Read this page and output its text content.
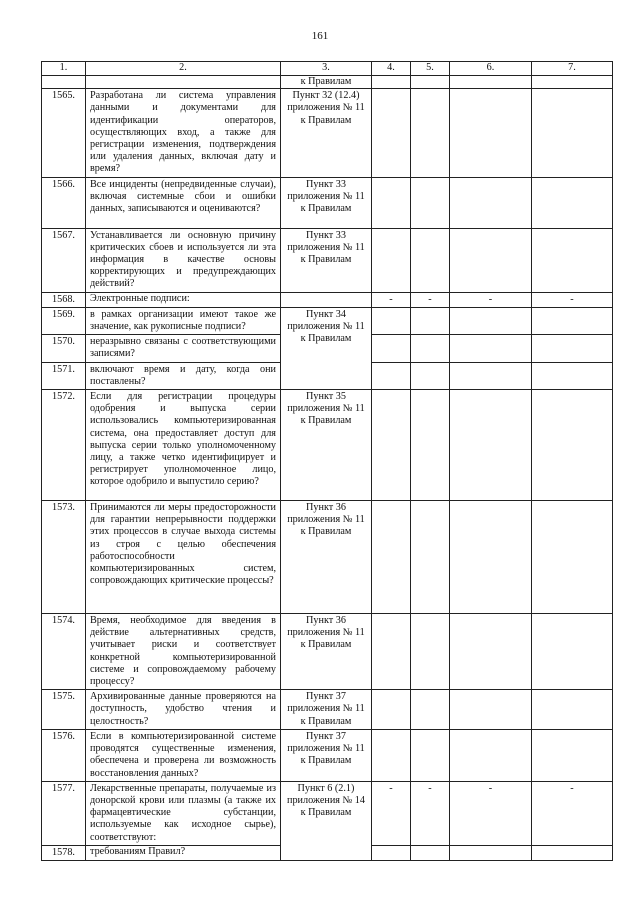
161
1.	2.	3.	4.	5.	6.	7.
		к Правилам				
1565.	Разработана ли система управления данными и документами для идентификации операторов, осуществляющих вход, а также для регистрации изменения, подтверждения или удаления данных, включая дату и время?	Пункт 32 (12.4) приложения № 11 к Правилам				
1566.	Все инциденты (непредвиденные случаи), включая системные сбои и ошибки данных, записываются и оцениваются?	Пункт 33 приложения № 11 к Правилам				
1567.	Устанавливается ли основную причину критических сбоев и используется ли эта информация в качестве основы корректирующих и предупреждающих действий?	Пункт 33 приложения № 11 к Правилам				
1568.	Электронные подписи:		-	-	-	-
1569.	в рамках организации имеют такое же значение, как рукописные подписи?	Пункт 34 приложения № 11 к Правилам				
1570.	неразрывно связаны с соответствующими записями?					
1571.	включают время и дату, когда они поставлены?					
1572.	Если для регистрации процедуры одобрения и выпуска серии использовались компьютеризированная система, она предоставляет доступ для выпуска серии только уполномоченному лицу, а также четко идентифицирует и регистрирует уполномоченное лицо, которое одобрило и выпустило серию?	Пункт 35 приложения № 11 к Правилам				
1573.	Принимаются ли меры предосторожности для гарантии непрерывности поддержки этих процессов в случае выхода системы из строя с целью обеспечения работоспособности компьютеризированных систем, сопровождающих критические процессы?	Пункт 36 приложения № 11 к Правилам				
1574.	Время, необходимое для введения в действие альтернативных средств, учитывает риски и соответствует конкретной компьютеризированной системе и сопровождаемому рабочему процессу?	Пункт 36 приложения № 11 к Правилам				
1575.	Архивированные данные проверяются на доступность, удобство чтения и целостность?	Пункт 37 приложения № 11 к Правилам				
1576.	Если в компьютеризированной системе проводятся существенные изменения, обеспечена и проверена ли возможность восстановления данных?	Пункт 37 приложения № 11 к Правилам				
1577.	Лекарственные препараты, получаемые из донорской крови или плазмы (а также их фармацевтические субстанции, используемые как исходное сырье), соответствуют:	Пункт 6 (2.1) приложения № 14 к Правилам	-	-	-	-
1578.	требованиям Правил?					
